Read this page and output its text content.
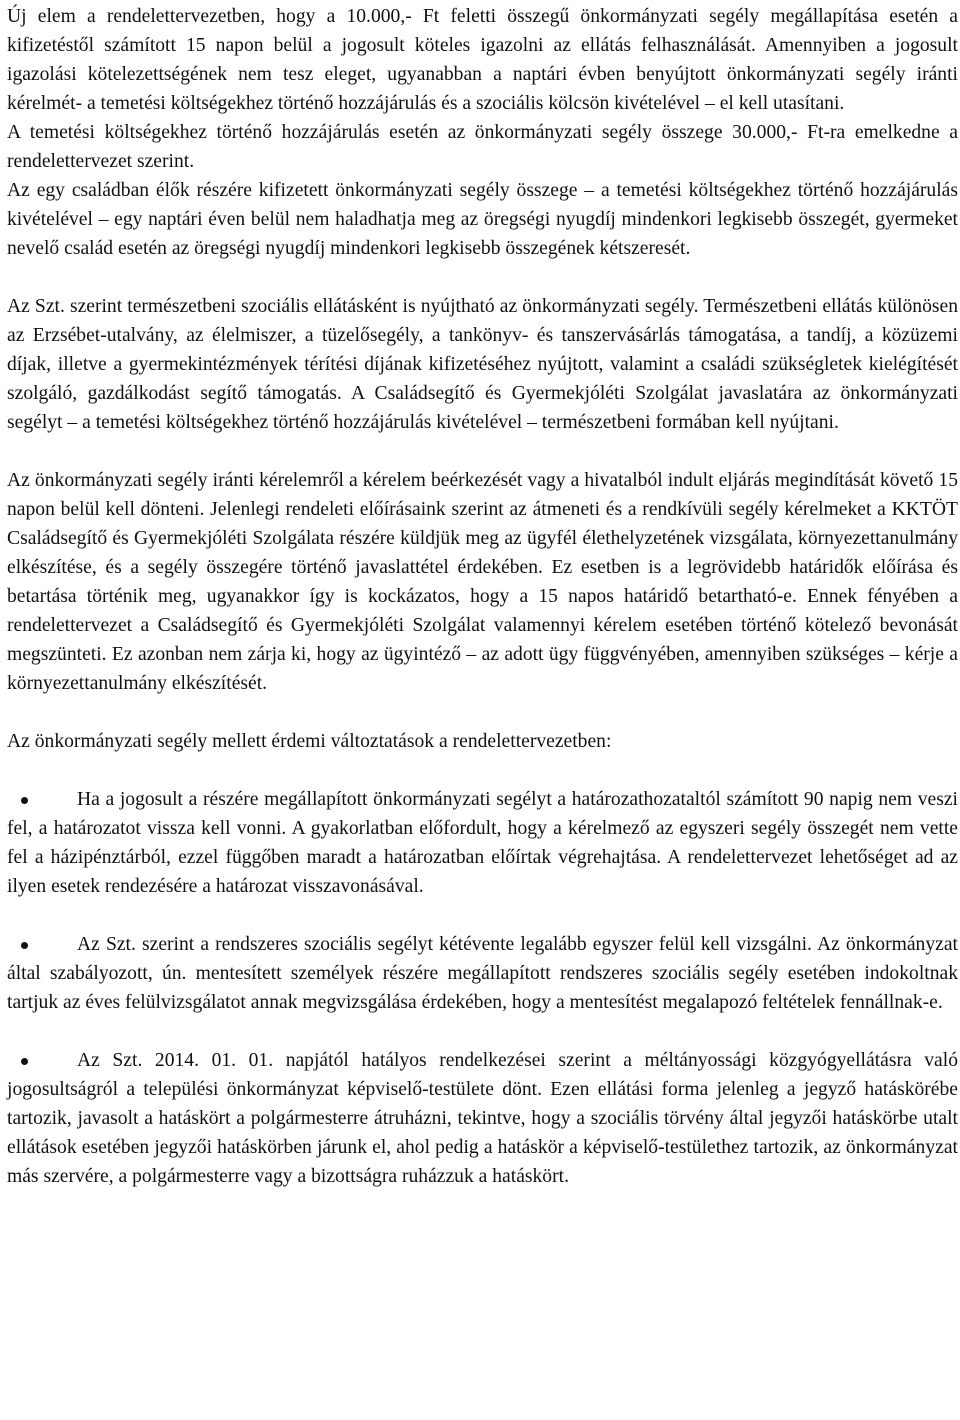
Új elem a rendelettervezetben, hogy a 10.000,- Ft feletti összegű önkormányzati segély megállapítása esetén a kifizetéstől számított 15 napon belül a jogosult köteles igazolni az ellátás felhasználását. Amennyiben a jogosult igazolási kötelezettségének nem tesz eleget, ugyanabban a naptári évben benyújtott önkormányzati segély iránti kérelmét- a temetési költségekhez történő hozzájárulás és a szociális kölcsön kivételével – el kell utasítani.

A temetési költségekhez történő hozzájárulás esetén az önkormányzati segély összege 30.000,- Ft-ra emelkedne a rendelettervezet szerint.

Az egy családban élők részére kifizetett önkormányzati segély összege – a temetési költségekhez történő hozzájárulás kivételével – egy naptári éven belül nem haladhatja meg az öregségi nyugdíj mindenkori legkisebb összegét, gyermeket nevelő család esetén az öregségi nyugdíj mindenkori legkisebb összegének kétszeresét.

Az Szt. szerint természetbeni szociális ellátásként is nyújtható az önkormányzati segély. Természetbeni ellátás különösen az Erzsébet-utalvány, az élelmiszer, a tüzelősegély, a tankönyv- és tanszervásárlás támogatása, a tandíj, a közüzemi díjak, illetve a gyermekintézmények térítési díjának kifizetéséhez nyújtott, valamint a családi szükségletek kielégítését szolgáló, gazdálkodást segítő támogatás. A Családsegítő és Gyermekjóléti Szolgálat javaslatára az önkormányzati segélyt – a temetési költségekhez történő hozzájárulás kivételével – természetbeni formában kell nyújtani.

Az önkormányzati segély iránti kérelemről a kérelem beérkezését vagy a hivatalból indult eljárás megindítását követő 15 napon belül kell dönteni. Jelenlegi rendeleti előírásaink szerint az átmeneti és a rendkívüli segély kérelmeket a KKTÖT Családsegítő és Gyermekjóléti Szolgálata részére küldjük meg az ügyfél élethelyzetének vizsgálata, környezettanulmány elkészítése, és a segély összegére történő javaslattétel érdekében. Ez esetben is a legrövidebb határidők előírása és betartása történik meg, ugyanakkor így is kockázatos, hogy a 15 napos határidő betartható-e. Ennek fényében a rendelettervezet a Családsegítő és Gyermekjóléti Szolgálat valamennyi kérelem esetében történő kötelező bevonását megszünteti. Ez azonban nem zárja ki, hogy az ügyintéző – az adott ügy függvényében, amennyiben szükséges – kérje a környezettanulmány elkészítését.

Az önkormányzati segély mellett érdemi változtatások a rendelettervezetben:

Ha a jogosult a részére megállapított önkormányzati segélyt a határozathozataltól számított 90 napig nem veszi fel, a határozatot vissza kell vonni. A gyakorlatban előfordult, hogy a kérelmező az egyszeri segély összegét nem vette fel a házipénztárból, ezzel függőben maradt a határozatban előírtak végrehajtása. A rendelettervezet lehetőséget ad az ilyen esetek rendezésére a határozat visszavonásával.

Az Szt. szerint a rendszeres szociális segélyt kétévente legalább egyszer felül kell vizsgálni. Az önkormányzat által szabályozott, ún. mentesített személyek részére megállapított rendszeres szociális segély esetében indokoltnak tartjuk az éves felülvizsgálatot annak megvizsgálása érdekében, hogy a mentesítést megalapozó feltételek fennállnak-e.

Az Szt. 2014. 01. 01. napjától hatályos rendelkezései szerint a méltányossági közgyógyellátásra való jogosultságról a települési önkormányzat képviselő-testülete dönt. Ezen ellátási forma jelenleg a jegyző hatáskörébe tartozik, javasolt a hatáskört a polgármesterre átruházni, tekintve, hogy a szociális törvény által jegyzői hatáskörbe utalt ellátások esetében jegyzői hatáskörben járunk el, ahol pedig a hatáskör a képviselő-testülethez tartozik, az önkormányzat más szervére, a polgármesterre vagy a bizottságra ruházzuk a hatáskört.
